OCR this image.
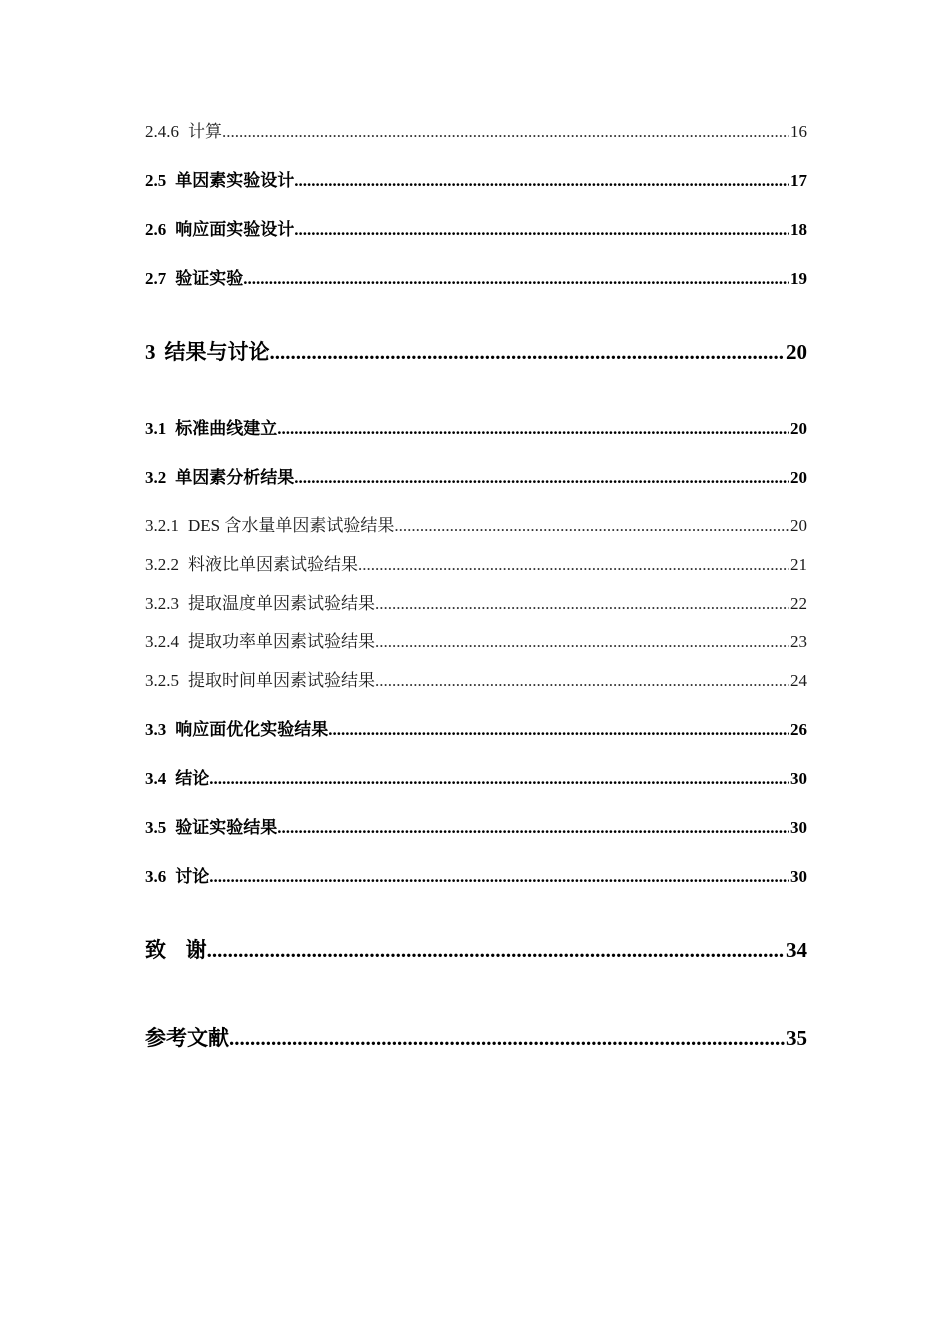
2.4.6 计算 .....	16
2.5 单因素实验设计 .....	17
2.6 响应面实验设计 .....	18
2.7 验证实验 .....	19
3 结果与讨论 .....	20
3.1 标准曲线建立 .....	20
3.2 单因素分析结果 .....	20
3.2.1 DES 含水量单因素试验结果 .....	20
3.2.2 料液比单因素试验结果 .....	21
3.2.3 提取温度单因素试验结果 .....	22
3.2.4 提取功率单因素试验结果 .....	23
3.2.5 提取时间单因素试验结果 .....	24
3.3 响应面优化实验结果 .....	26
3.4 结论 .....	30
3.5 验证实验结果 .....	30
3.6 讨论 .....	30
致 谢 .....	34
参考文献 .....	35
